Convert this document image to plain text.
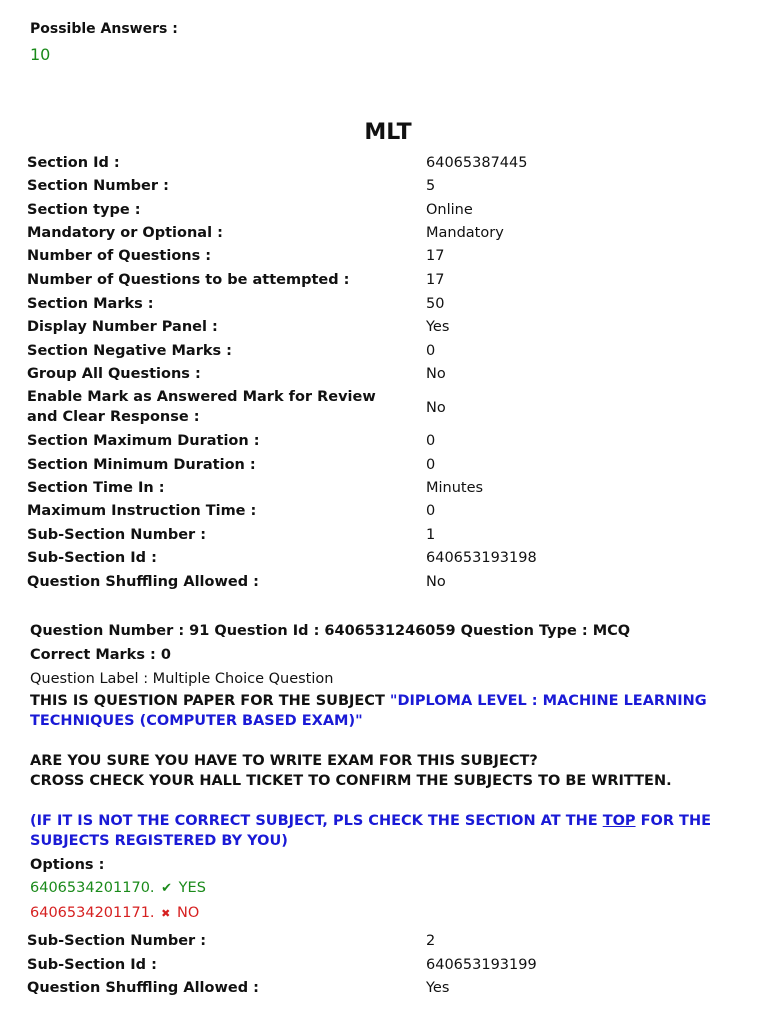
Possible Answers :
10
MLT
Section Id :	64065387445
Section Number :	5
Section type :	Online
Mandatory or Optional :	Mandatory
Number of Questions :	17
Number of Questions to be attempted :	17
Section Marks :	50
Display Number Panel :	Yes
Section Negative Marks :	0
Group All Questions :	No
Enable Mark as Answered Mark for Review and Clear Response :
No
Section Maximum Duration :	0
Section Minimum Duration :	0
Section Time In :	Minutes
Maximum Instruction Time :	0
Sub-Section Number :	1
Sub-Section Id :	640653193198
Question Shuffling Allowed :	No
Question Number : 91 Question Id : 6406531246059 Question Type : MCQ
Correct Marks : 0
Question Label : Multiple Choice Question
THIS IS QUESTION PAPER FOR THE SUBJECT "DIPLOMA LEVEL : MACHINE LEARNING TECHNIQUES (COMPUTER BASED EXAM)"
ARE YOU SURE YOU HAVE TO WRITE EXAM FOR THIS SUBJECT?
CROSS CHECK YOUR HALL TICKET TO CONFIRM THE SUBJECTS TO BE WRITTEN.
(IF IT IS NOT THE CORRECT SUBJECT, PLS CHECK THE SECTION AT THE TOP FOR THE SUBJECTS REGISTERED BY YOU)
Options :
6406534201170. ✔ YES
6406534201171. ✖ NO
Sub-Section Number :	2
Sub-Section Id :	640653193199
Question Shuffling Allowed :	Yes
